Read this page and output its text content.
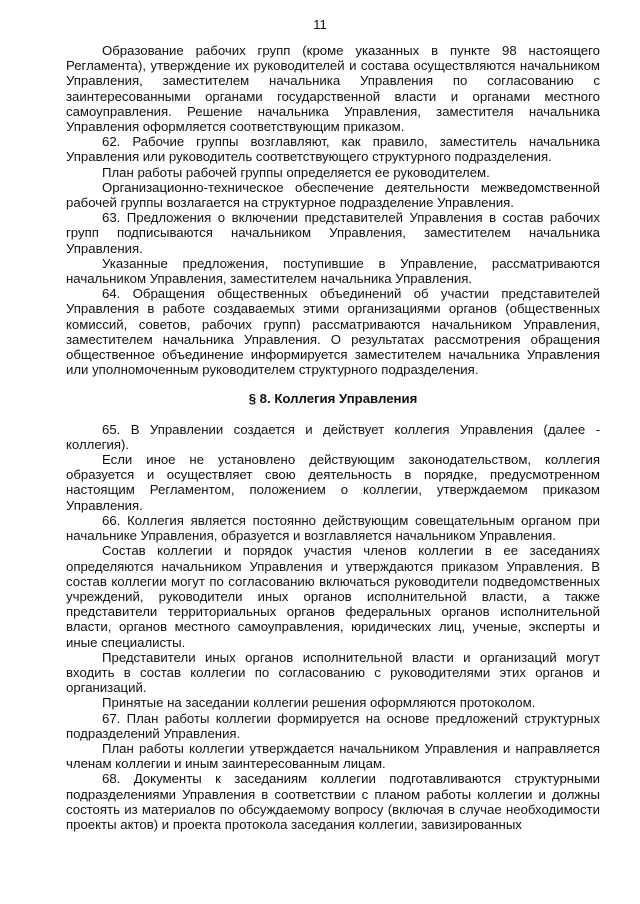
11

Образование рабочих групп (кроме указанных в пункте 98 настоящего Регламента), утверждение их руководителей и состава осуществляются начальником Управления, заместителем начальника Управления по согласованию с заинтересованными органами государственной власти и органами местного самоуправления. Решение начальника Управления, заместителя начальника Управления оформляется соответствующим приказом.

62. Рабочие группы возглавляют, как правило, заместитель начальника Управления или руководитель соответствующего структурного подразделения.

План работы рабочей группы определяется ее руководителем.

Организационно-техническое обеспечение деятельности межведомственной рабочей группы возлагается на структурное подразделение Управления.

63. Предложения о включении представителей Управления в состав рабочих групп подписываются начальником Управления, заместителем начальника Управления.

Указанные предложения, поступившие в Управление, рассматриваются начальником Управления, заместителем начальника Управления.

64. Обращения общественных объединений об участии представителей Управления в работе создаваемых этими организациями органов (общественных комиссий, советов, рабочих групп) рассматриваются начальником Управления, заместителем начальника Управления. О результатах рассмотрения обращения общественное объединение информируется заместителем начальника Управления или уполномоченным руководителем структурного подразделения.

§ 8. Коллегия Управления

65. В Управлении создается и действует коллегия Управления (далее - коллегия).

Если иное не установлено действующим законодательством, коллегия образуется и осуществляет свою деятельность в порядке, предусмотренном настоящим Регламентом, положением о коллегии, утверждаемом приказом Управления.

66. Коллегия является постоянно действующим совещательным органом при начальнике Управления, образуется и возглавляется начальником Управления.

Состав коллегии и порядок участия членов коллегии в ее заседаниях определяются начальником Управления и утверждаются приказом Управления. В состав коллегии могут по согласованию включаться руководители подведомственных учреждений, руководители иных органов исполнительной власти, а также представители территориальных органов федеральных органов исполнительной власти, органов местного самоуправления, юридических лиц, ученые, эксперты и иные специалисты.

Представители иных органов исполнительной власти и организаций могут входить в состав коллегии по согласованию с руководителями этих органов и организаций.

Принятые на заседании коллегии решения оформляются протоколом.

67. План работы коллегии формируется на основе предложений структурных подразделений Управления.

План работы коллегии утверждается начальником Управления и направляется членам коллегии и иным заинтересованным лицам.

68. Документы к заседаниям коллегии подготавливаются структурными подразделениями Управления в соответствии с планом работы коллегии и должны состоять из материалов по обсуждаемому вопросу (включая в случае необходимости проекты актов) и проекта протокола заседания коллегии, завизированных
